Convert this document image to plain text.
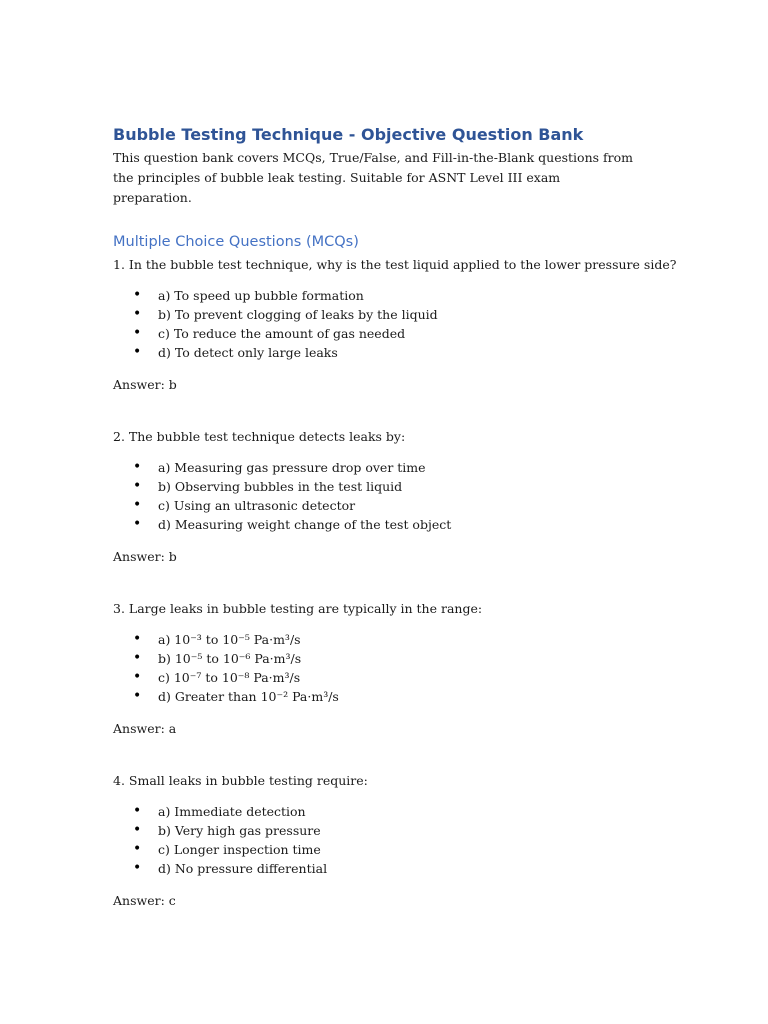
Bubble Testing Technique - Objective Question Bank

This question bank covers MCQs, True/False, and Fill-in-the-Blank questions from the principles of bubble leak testing. Suitable for ASNT Level III exam preparation.

Multiple Choice Questions (MCQs)

1. In the bubble test technique, why is the test liquid applied to the lower pressure side?

• a) To speed up bubble formation
• b) To prevent clogging of leaks by the liquid
• c) To reduce the amount of gas needed
• d) To detect only large leaks

Answer: b

2. The bubble test technique detects leaks by:

• a) Measuring gas pressure drop over time
• b) Observing bubbles in the test liquid
• c) Using an ultrasonic detector
• d) Measuring weight change of the test object

Answer: b

3. Large leaks in bubble testing are typically in the range:

• a) 10⁻³ to 10⁻⁵ Pa·m³/s
• b) 10⁻⁵ to 10⁻⁶ Pa·m³/s
• c) 10⁻⁷ to 10⁻⁸ Pa·m³/s
• d) Greater than 10⁻² Pa·m³/s

Answer: a

4. Small leaks in bubble testing require:

• a) Immediate detection
• b) Very high gas pressure
• c) Longer inspection time
• d) No pressure differential

Answer: c
